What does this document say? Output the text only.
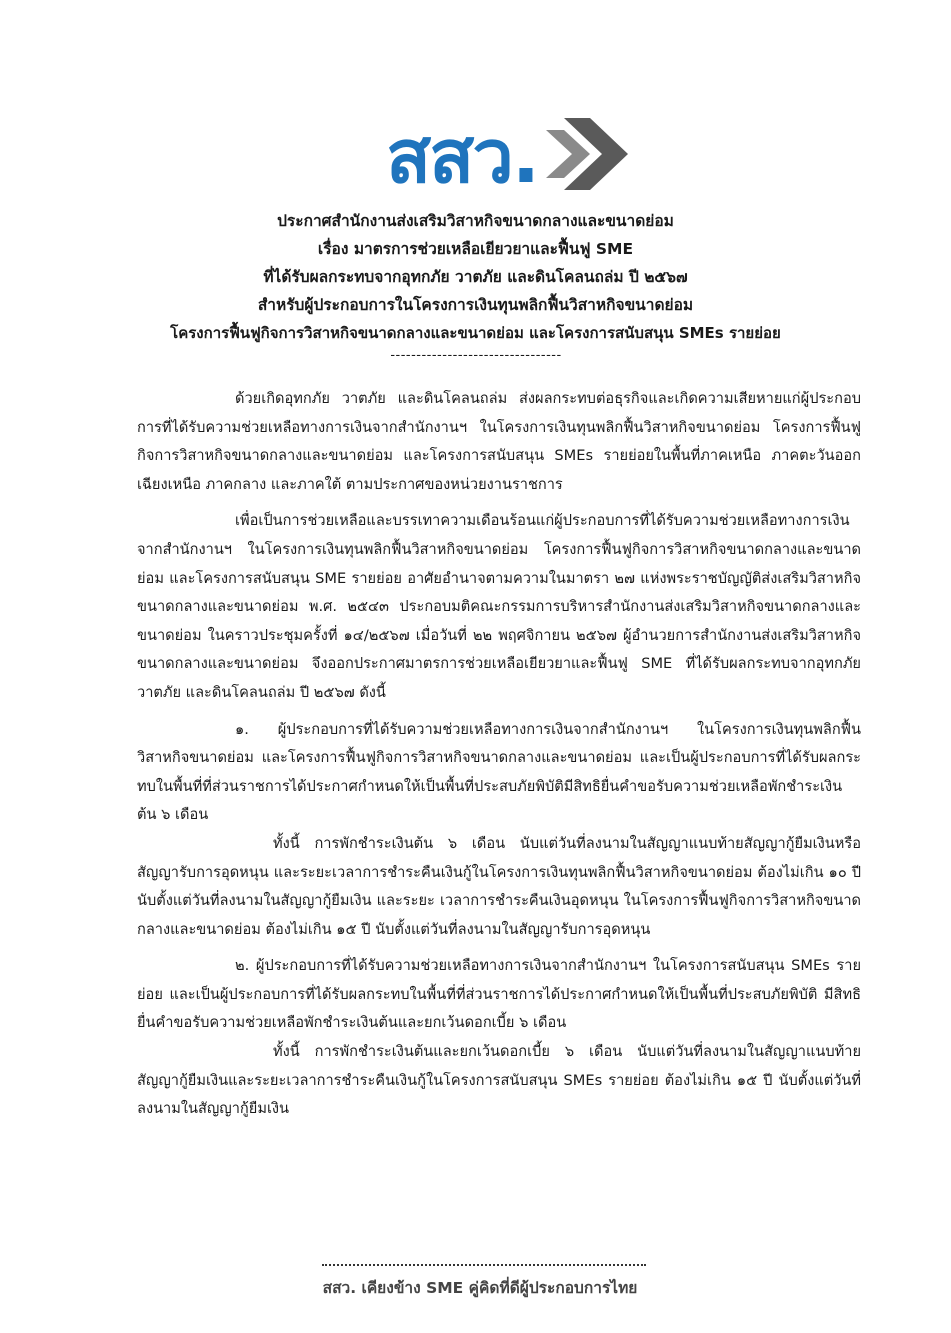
สสว.
ประกาศสำนักงานส่งเสริมวิสาหกิจขนาดกลางและขนาดย่อม
เรื่อง มาตรการช่วยเหลือเยียวยาและฟื้นฟู SME
ที่ได้รับผลกระทบจากอุทกภัย วาตภัย และดินโคลนถล่ม ปี ๒๕๖๗
สำหรับผู้ประกอบการในโครงการเงินทุนพลิกฟื้นวิสาหกิจขนาดย่อม
โครงการฟื้นฟูกิจการวิสาหกิจขนาดกลางและขนาดย่อม และโครงการสนับสนุน SMEs รายย่อย
---------------------------------

ด้วยเกิดอุทกภัย วาตภัย และดินโคลนถล่ม ส่งผลกระทบต่อธุรกิจและเกิดความเสียหายแก่ผู้ประกอบการที่ได้รับความช่วยเหลือทางการเงินจากสำนักงานฯ ในโครงการเงินทุนพลิกฟื้นวิสาหกิจขนาดย่อม โครงการฟื้นฟูกิจการวิสาหกิจขนาดกลางและขนาดย่อม และโครงการสนับสนุน SMEs รายย่อยในพื้นที่ภาคเหนือ ภาคตะวันออกเฉียงเหนือ ภาคกลาง และภาคใต้ ตามประกาศของหน่วยงานราชการ

เพื่อเป็นการช่วยเหลือและบรรเทาความเดือนร้อนแก่ผู้ประกอบการที่ได้รับความช่วยเหลือทางการเงินจากสำนักงานฯ ในโครงการเงินทุนพลิกฟื้นวิสาหกิจขนาดย่อม โครงการฟื้นฟูกิจการวิสาหกิจขนาดกลางและขนาดย่อม และโครงการสนับสนุน SME รายย่อย อาศัยอำนาจตามความในมาตรา ๒๗ แห่งพระราชบัญญัติส่งเสริมวิสาหกิจขนาดกลางและขนาดย่อม พ.ศ. ๒๕๔๓ ประกอบมติคณะกรรมการบริหารสำนักงานส่งเสริมวิสาหกิจขนาดกลางและขนาดย่อม ในคราวประชุมครั้งที่ ๑๔/๒๕๖๗ เมื่อวันที่ ๒๒ พฤศจิกายน ๒๕๖๗ ผู้อำนวยการสำนักงานส่งเสริมวิสาหกิจขนาดกลางและขนาดย่อม จึงออกประกาศมาตรการช่วยเหลือเยียวยาและฟื้นฟู SME ที่ได้รับผลกระทบจากอุทกภัย วาตภัย และดินโคลนถล่ม ปี ๒๕๖๗ ดังนี้

๑. ผู้ประกอบการที่ได้รับความช่วยเหลือทางการเงินจากสำนักงานฯ ในโครงการเงินทุนพลิกฟื้นวิสาหกิจขนาดย่อม และโครงการฟื้นฟูกิจการวิสาหกิจขนาดกลางและขนาดย่อม และเป็นผู้ประกอบการที่ได้รับผลกระทบในพื้นที่ที่ส่วนราชการได้ประกาศกำหนดให้เป็นพื้นที่ประสบภัยพิบัติมีสิทธิยื่นคำขอรับความช่วยเหลือพักชำระเงินต้น ๖ เดือน

ทั้งนี้ การพักชำระเงินต้น ๖ เดือน นับแต่วันที่ลงนามในสัญญาแนบท้ายสัญญากู้ยืมเงินหรือสัญญารับการอุดหนุน และระยะเวลาการชำระคืนเงินกู้ในโครงการเงินทุนพลิกฟื้นวิสาหกิจขนาดย่อม ต้องไม่เกิน ๑๐ ปี นับตั้งแต่วันที่ลงนามในสัญญากู้ยืมเงิน และระยะ เวลาการชำระคืนเงินอุดหนุน ในโครงการฟื้นฟูกิจการวิสาหกิจขนาดกลางและขนาดย่อม ต้องไม่เกิน ๑๕ ปี นับตั้งแต่วันที่ลงนามในสัญญารับการอุดหนุน

๒. ผู้ประกอบการที่ได้รับความช่วยเหลือทางการเงินจากสำนักงานฯ ในโครงการสนับสนุน SMEs รายย่อย และเป็นผู้ประกอบการที่ได้รับผลกระทบในพื้นที่ที่ส่วนราชการได้ประกาศกำหนดให้เป็นพื้นที่ประสบภัยพิบัติ มีสิทธิยื่นคำขอรับความช่วยเหลือพักชำระเงินต้นและยกเว้นดอกเบี้ย ๖ เดือน

ทั้งนี้ การพักชำระเงินต้นและยกเว้นดอกเบี้ย ๖ เดือน นับแต่วันที่ลงนามในสัญญาแนบท้ายสัญญากู้ยืมเงินและระยะเวลาการชำระคืนเงินกู้ในโครงการสนับสนุน SMEs รายย่อย ต้องไม่เกิน ๑๕ ปี นับตั้งแต่วันที่ลงนามในสัญญากู้ยืมเงิน

สสว. เคียงข้าง SME คู่คิดที่ดีผู้ประกอบการไทย
